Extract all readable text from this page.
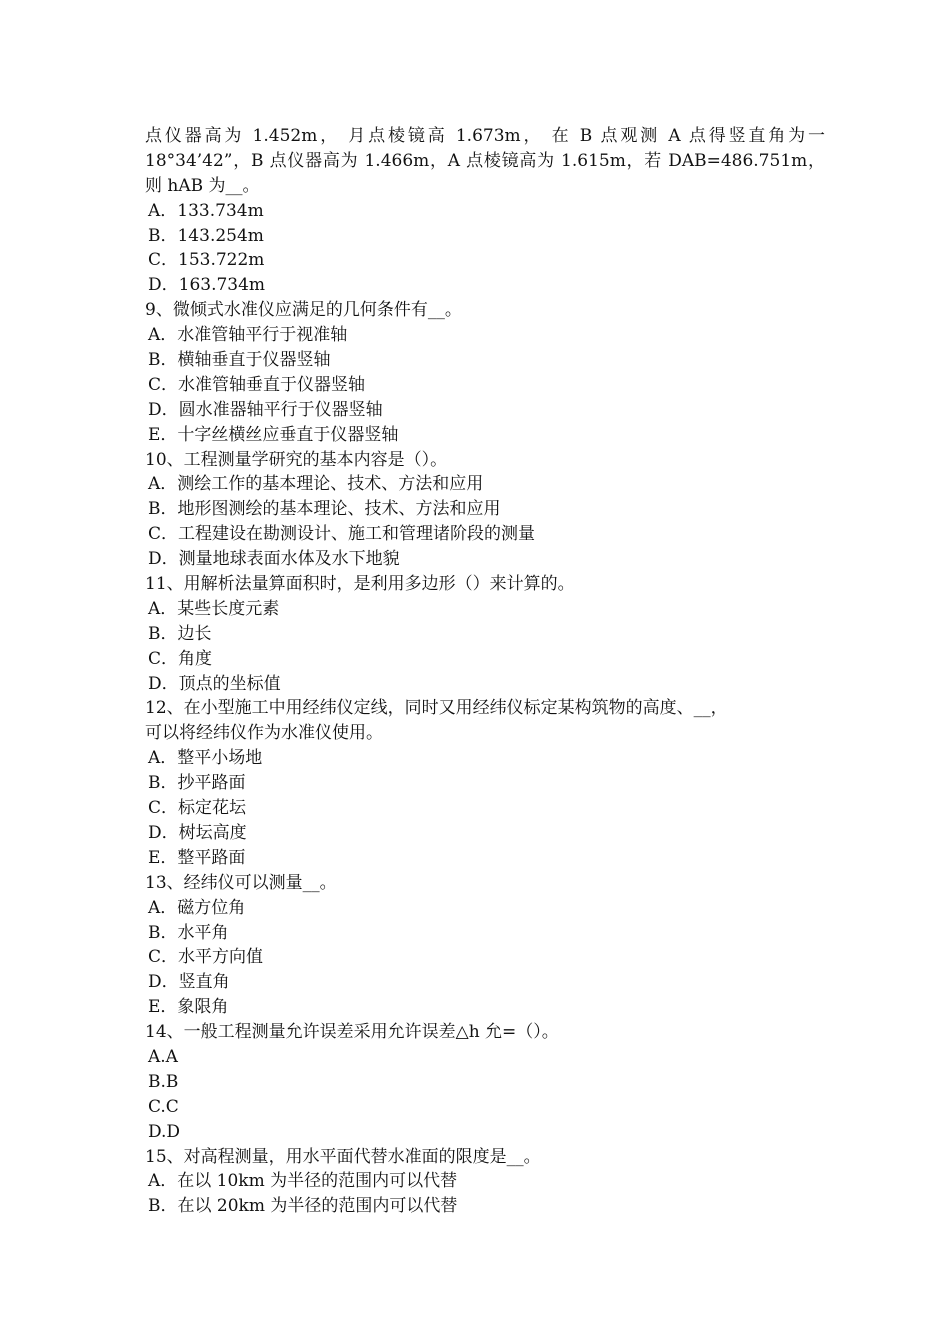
点仪器高为 1.452m， 月点棱镜高 1.673m， 在 B 点观测 A 点得竖直角为一
18°34’42”，B 点仪器高为 1.466m，A 点棱镜高为 1.615m，若 DAB=486.751m，
则 hAB 为__。
A．133.734m
B．143.254m
C．153.722m
D．163.734m
9、微倾式水准仪应满足的几何条件有__。
A．水准管轴平行于视准轴
B．横轴垂直于仪器竖轴
C．水准管轴垂直于仪器竖轴
D．圆水准器轴平行于仪器竖轴
E．十字丝横丝应垂直于仪器竖轴
10、工程测量学研究的基本内容是（）。
A．测绘工作的基本理论、技术、方法和应用
B．地形图测绘的基本理论、技术、方法和应用
C．工程建设在勘测设计、施工和管理诸阶段的测量
D．测量地球表面水体及水下地貌
11、用解析法量算面积时，是利用多边形（）来计算的。
A．某些长度元素
B．边长
C．角度
D．顶点的坐标值
12、在小型施工中用经纬仪定线，同时又用经纬仪标定某构筑物的高度、__，
可以将经纬仪作为水准仪使用。
A．整平小场地
B．抄平路面
C．标定花坛
D．树坛高度
E．整平路面
13、经纬仪可以测量__。
A．磁方位角
B．水平角
C．水平方向值
D．竖直角
E．象限角
14、一般工程测量允许误差采用允许误差△h 允=（）。
A.A
B.B
C.C
D.D
15、对高程测量，用水平面代替水准面的限度是__。
A．在以 10km 为半径的范围内可以代替
B．在以 20km 为半径的范围内可以代替
